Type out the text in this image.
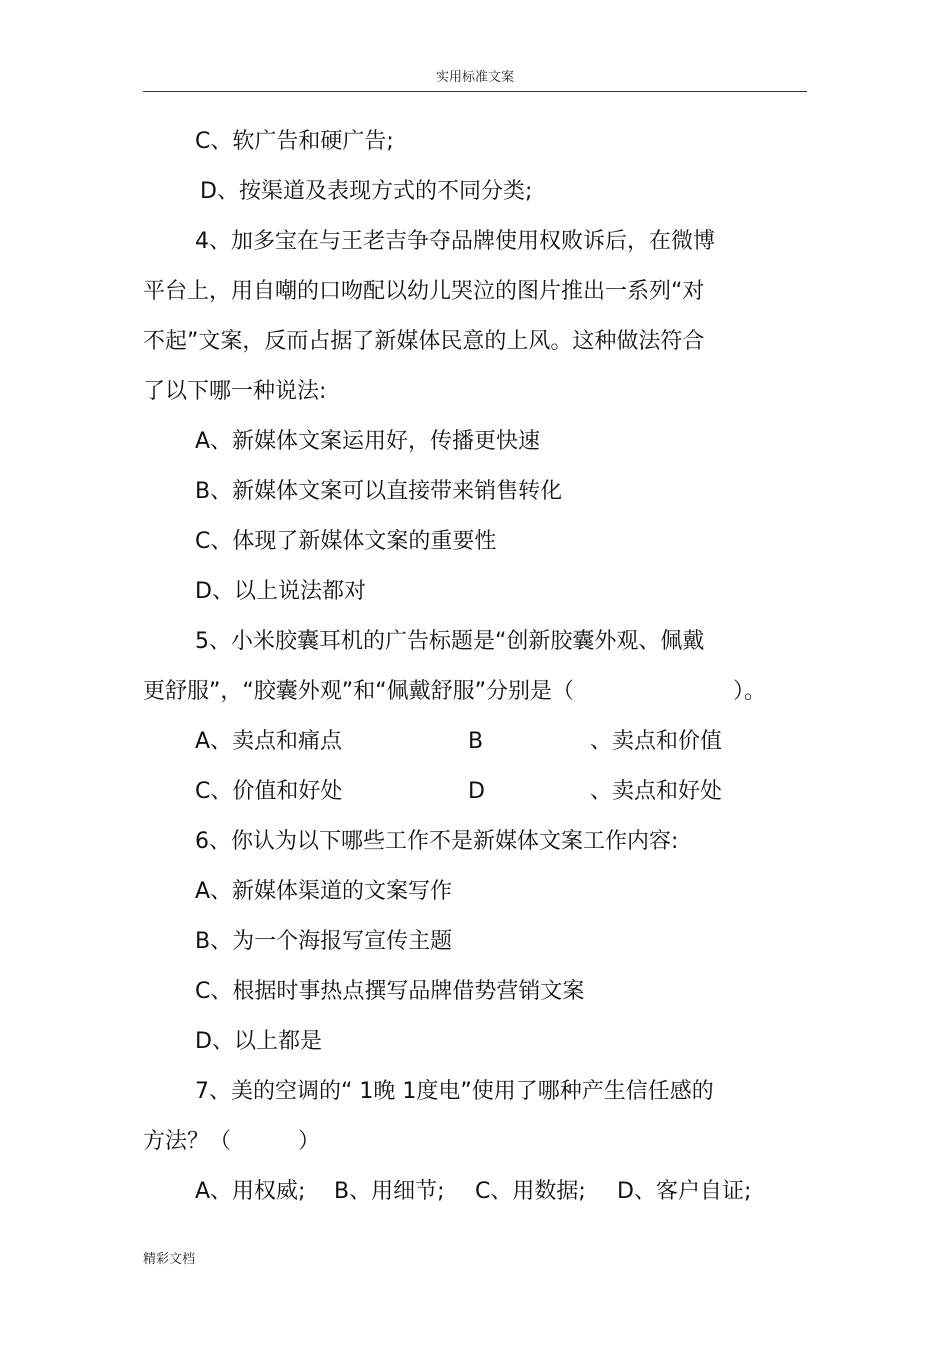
实用标准文案
C、软广告和硬广告;
D、按渠道及表现方式的不同分类;
4、加多宝在与王老吉争夺品牌使用权败诉后，在微博
平台上，用自嘲的口吻配以幼儿哭泣的图片推出一系列“对
不起”文案，反而占据了新媒体民意的上风。这种做法符合
了以下哪一种说法:
A、新媒体文案运用好，传播更快速
B、新媒体文案可以直接带来销售转化
C、体现了新媒体文案的重要性
D、以上说法都对
5、小米胶囊耳机的广告标题是“创新胶囊外观、佩戴
更舒服”，“胶囊外观”和“佩戴舒服”分别是（	）。
A、卖点和痛点	B	、卖点和价值
C、价值和好处	D	、卖点和好处
6、你认为以下哪些工作不是新媒体文案工作内容:
A、新媒体渠道的文案写作
B、为一个海报写宣传主题
C、根据时事热点撰写品牌借势营销文案
D、以上都是
7、美的空调的“ 1晚 1度电”使用了哪种产生信任感的
方法？（	）
A、用权威; B、用细节; C、用数据; D、客户自证;
精彩文档
